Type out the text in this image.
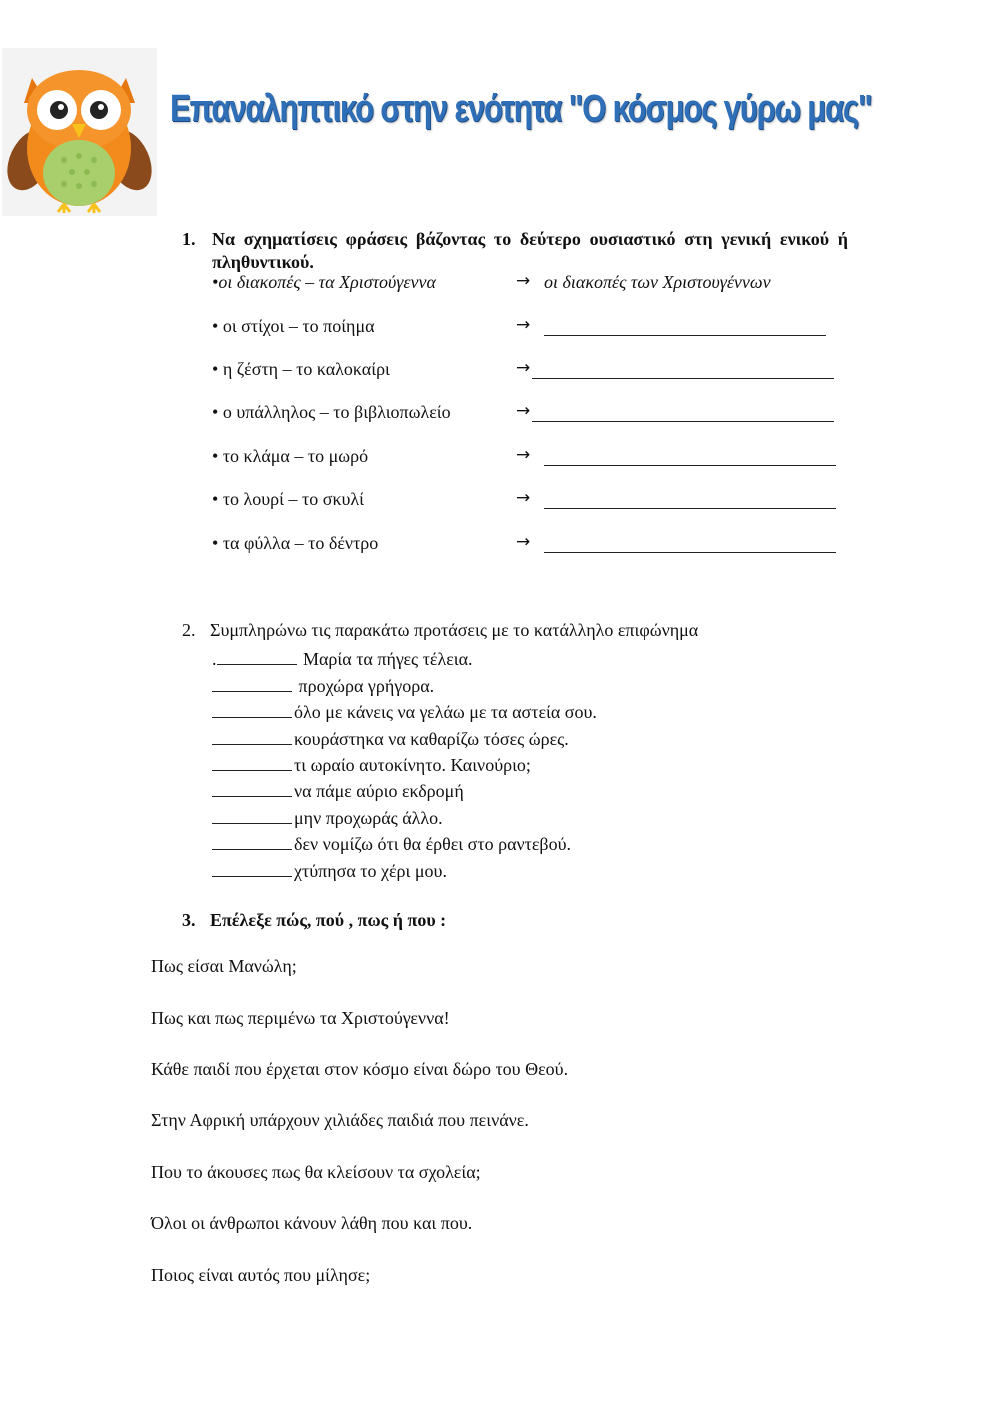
Επαναληπτικό στην ενότητα "Ο κόσμος γύρω μας"
1. Να σχηματίσεις φράσεις βάζοντας το δεύτερο ουσιαστικό στη γενική ενικού ή πληθυντικού.
•οι διακοπές – τα Χριστούγεννα	→ οι διακοπές των Χριστουγέννων
• οι στίχοι – το ποίημα	→
• η ζέστη – το καλοκαίρι	→
• ο υπάλληλος – το βιβλιοπωλείο	→
• το κλάμα – το μωρό	→
• το λουρί – το σκυλί	→
• τα φύλλα – το δέντρο	→
2. Συμπληρώνω τις παρακάτω προτάσεις με το κατάλληλο επιφώνημα
.	Μαρία τα πήγες τέλεια.
προχώρα γρήγορα.
όλο με κάνεις να γελάω με τα αστεία σου.
κουράστηκα να καθαρίζω τόσες ώρες.
τι ωραίο αυτοκίνητο. Καινούριο;
να πάμε αύριο εκδρομή
μην προχωράς άλλο.
δεν νομίζω ότι θα έρθει στο ραντεβού.
χτύπησα το χέρι μου.
3. Επέλεξε πώς, πού , πως ή που :
Πως είσαι Μανώλη;
Πως και πως περιμένω τα Χριστούγεννα!
Κάθε παιδί που έρχεται στον κόσμο είναι δώρο του Θεού.
Στην Αφρική υπάρχουν χιλιάδες παιδιά που πεινάνε.
Που το άκουσες πως θα κλείσουν τα σχολεία;
Όλοι οι άνθρωποι κάνουν λάθη που και που.
Ποιος είναι αυτός που μίλησε;
